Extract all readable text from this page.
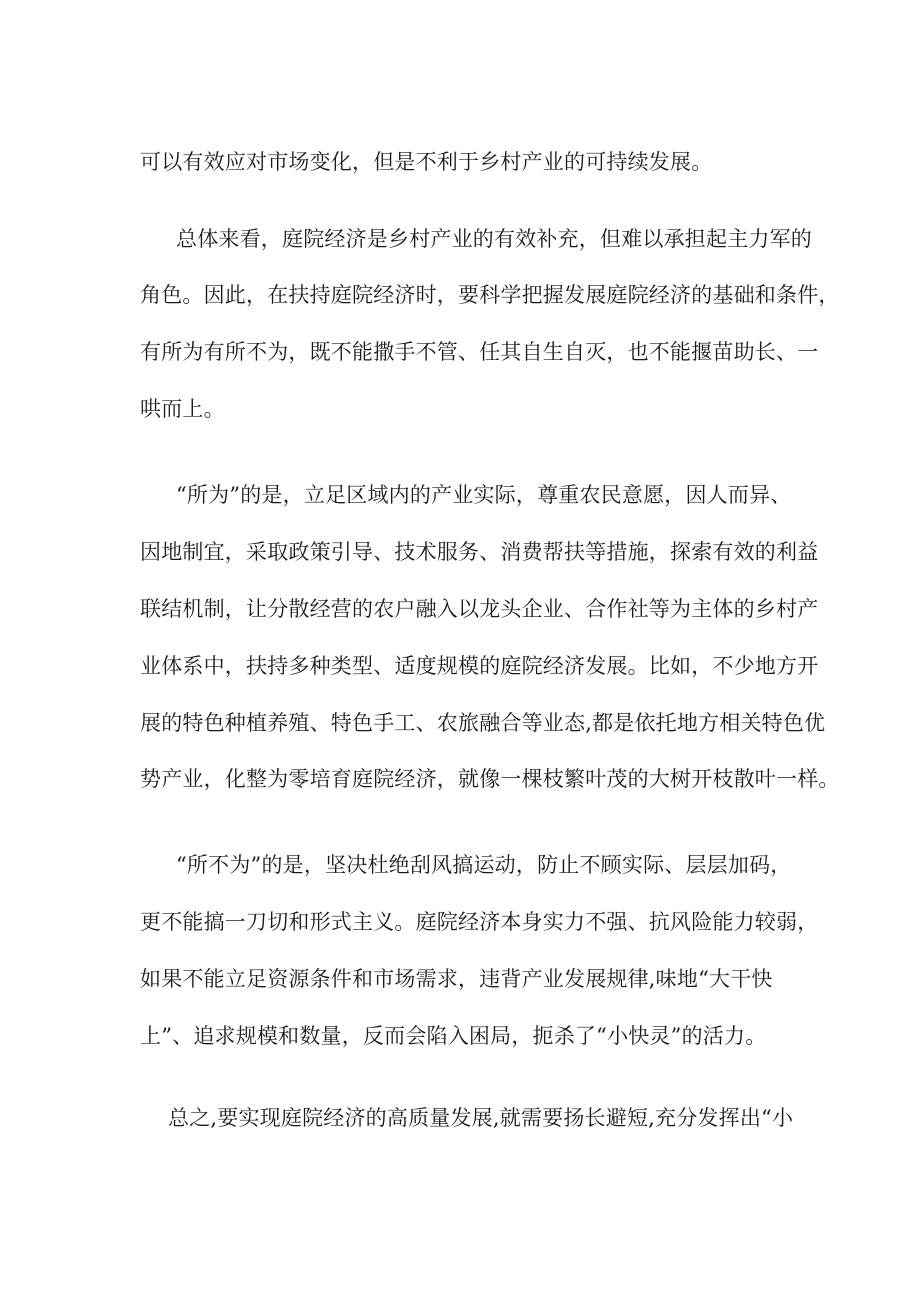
可以有效应对市场变化，但是不利于乡村产业的可持续发展。
总体来看，庭院经济是乡村产业的有效补充，但难以承担起主力军的
角色。因此，在扶持庭院经济时，要科学把握发展庭院经济的基础和条件，
有所为有所不为，既不能撒手不管、任其自生自灭，也不能揠苗助长、一
哄而上。
“所为”的是，立足区域内的产业实际，尊重农民意愿，因人而异、
因地制宜，采取政策引导、技术服务、消费帮扶等措施，探索有效的利益
联结机制，让分散经营的农户融入以龙头企业、合作社等为主体的乡村产
业体系中，扶持多种类型、适度规模的庭院经济发展。比如，不少地方开
展的特色种植养殖、特色手工、农旅融合等业态,都是依托地方相关特色优
势产业，化整为零培育庭院经济，就像一棵枝繁叶茂的大树开枝散叶一样。
“所不为”的是，坚决杜绝刮风搞运动，防止不顾实际、层层加码，
更不能搞一刀切和形式主义。庭院经济本身实力不强、抗风险能力较弱，
如果不能立足资源条件和市场需求，违背产业发展规律,味地“大干快
上”、追求规模和数量，反而会陷入困局，扼杀了“小快灵”的活力。
总之,要实现庭院经济的高质量发展,就需要扬长避短,充分发挥出“小
